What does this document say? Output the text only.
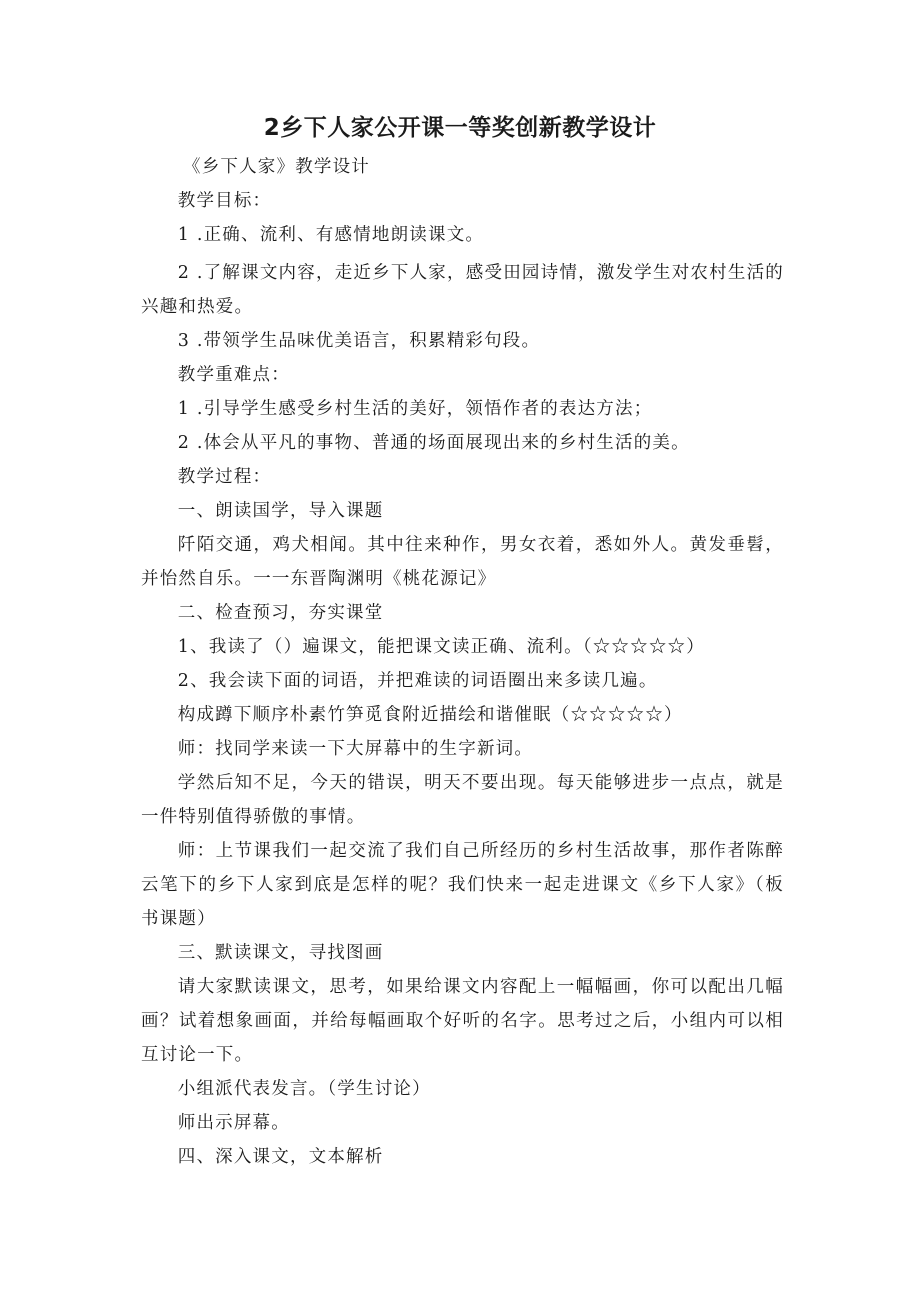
2乡下人家公开课一等奖创新教学设计

《乡下人家》教学设计

教学目标：

1 .正确、流利、有感情地朗读课文。

2 .了解课文内容，走近乡下人家，感受田园诗情，激发学生对农村生活的兴趣和热爱。

3 .带领学生品味优美语言，积累精彩句段。

教学重难点：

1 .引导学生感受乡村生活的美好，领悟作者的表达方法；

2 .体会从平凡的事物、普通的场面展现出来的乡村生活的美。

教学过程：

一、朗读国学，导入课题

阡陌交通，鸡犬相闻。其中往来种作，男女衣着，悉如外人。黄发垂髫，并怡然自乐。一一东晋陶渊明《桃花源记》

二、检查预习，夯实课堂

1、我读了（）遍课文，能把课文读正确、流利。（☆☆☆☆☆）

2、我会读下面的词语，并把难读的词语圈出来多读几遍。

构成蹲下顺序朴素竹笋觅食附近描绘和谐催眠（☆☆☆☆☆）

师：找同学来读一下大屏幕中的生字新词。

学然后知不足，今天的错误，明天不要出现。每天能够进步一点点，就是一件特别值得骄傲的事情。

师：上节课我们一起交流了我们自己所经历的乡村生活故事，那作者陈醉云笔下的乡下人家到底是怎样的呢？我们快来一起走进课文《乡下人家》（板书课题）

三、默读课文，寻找图画

请大家默读课文，思考，如果给课文内容配上一幅幅画，你可以配出几幅画？试着想象画面，并给每幅画取个好听的名字。思考过之后，小组内可以相互讨论一下。

小组派代表发言。（学生讨论）

师出示屏幕。

四、深入课文，文本解析
